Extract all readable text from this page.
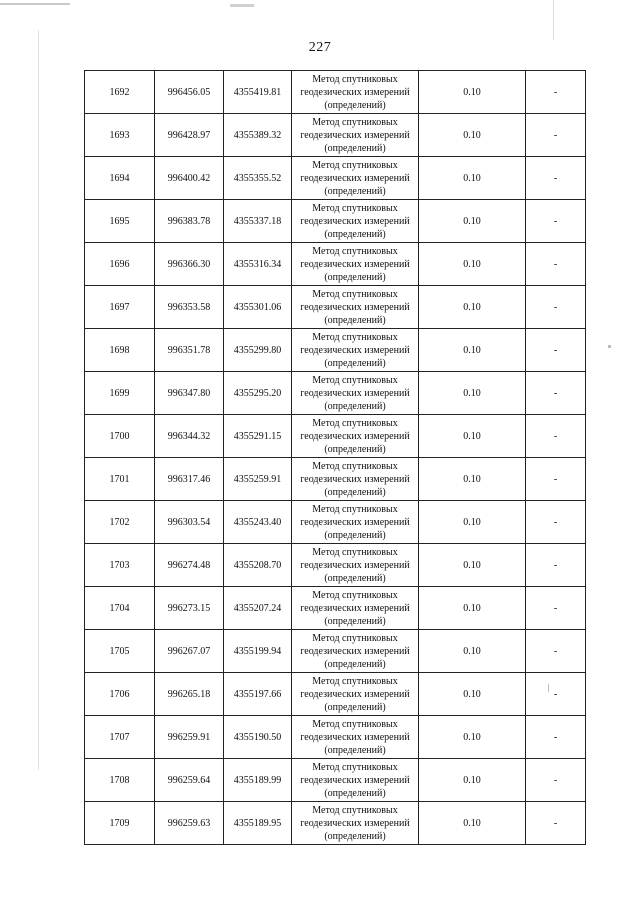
227
1692	996456.05	4355419.81	Метод спутниковых
геодезических измерений
(определений)	0.10	-
1693	996428.97	4355389.32	Метод спутниковых
геодезических измерений
(определений)	0.10	-
1694	996400.42	4355355.52	Метод спутниковых
геодезических измерений
(определений)	0.10	-
1695	996383.78	4355337.18	Метод спутниковых
геодезических измерений
(определений)	0.10	-
1696	996366.30	4355316.34	Метод спутниковых
геодезических измерений
(определений)	0.10	-
1697	996353.58	4355301.06	Метод спутниковых
геодезических измерений
(определений)	0.10	-
1698	996351.78	4355299.80	Метод спутниковых
геодезических измерений
(определений)	0.10	-
1699	996347.80	4355295.20	Метод спутниковых
геодезических измерений
(определений)	0.10	-
1700	996344.32	4355291.15	Метод спутниковых
геодезических измерений
(определений)	0.10	-
1701	996317.46	4355259.91	Метод спутниковых
геодезических измерений
(определений)	0.10	-
1702	996303.54	4355243.40	Метод спутниковых
геодезических измерений
(определений)	0.10	-
1703	996274.48	4355208.70	Метод спутниковых
геодезических измерений
(определений)	0.10	-
1704	996273.15	4355207.24	Метод спутниковых
геодезических измерений
(определений)	0.10	-
1705	996267.07	4355199.94	Метод спутниковых
геодезических измерений
(определений)	0.10	-
1706	996265.18	4355197.66	Метод спутниковых
геодезических измерений
(определений)	0.10	-
1707	996259.91	4355190.50	Метод спутниковых
геодезических измерений
(определений)	0.10	-
1708	996259.64	4355189.99	Метод спутниковых
геодезических измерений
(определений)	0.10	-
1709	996259.63	4355189.95	Метод спутниковых
геодезических измерений
(определений)	0.10	-
